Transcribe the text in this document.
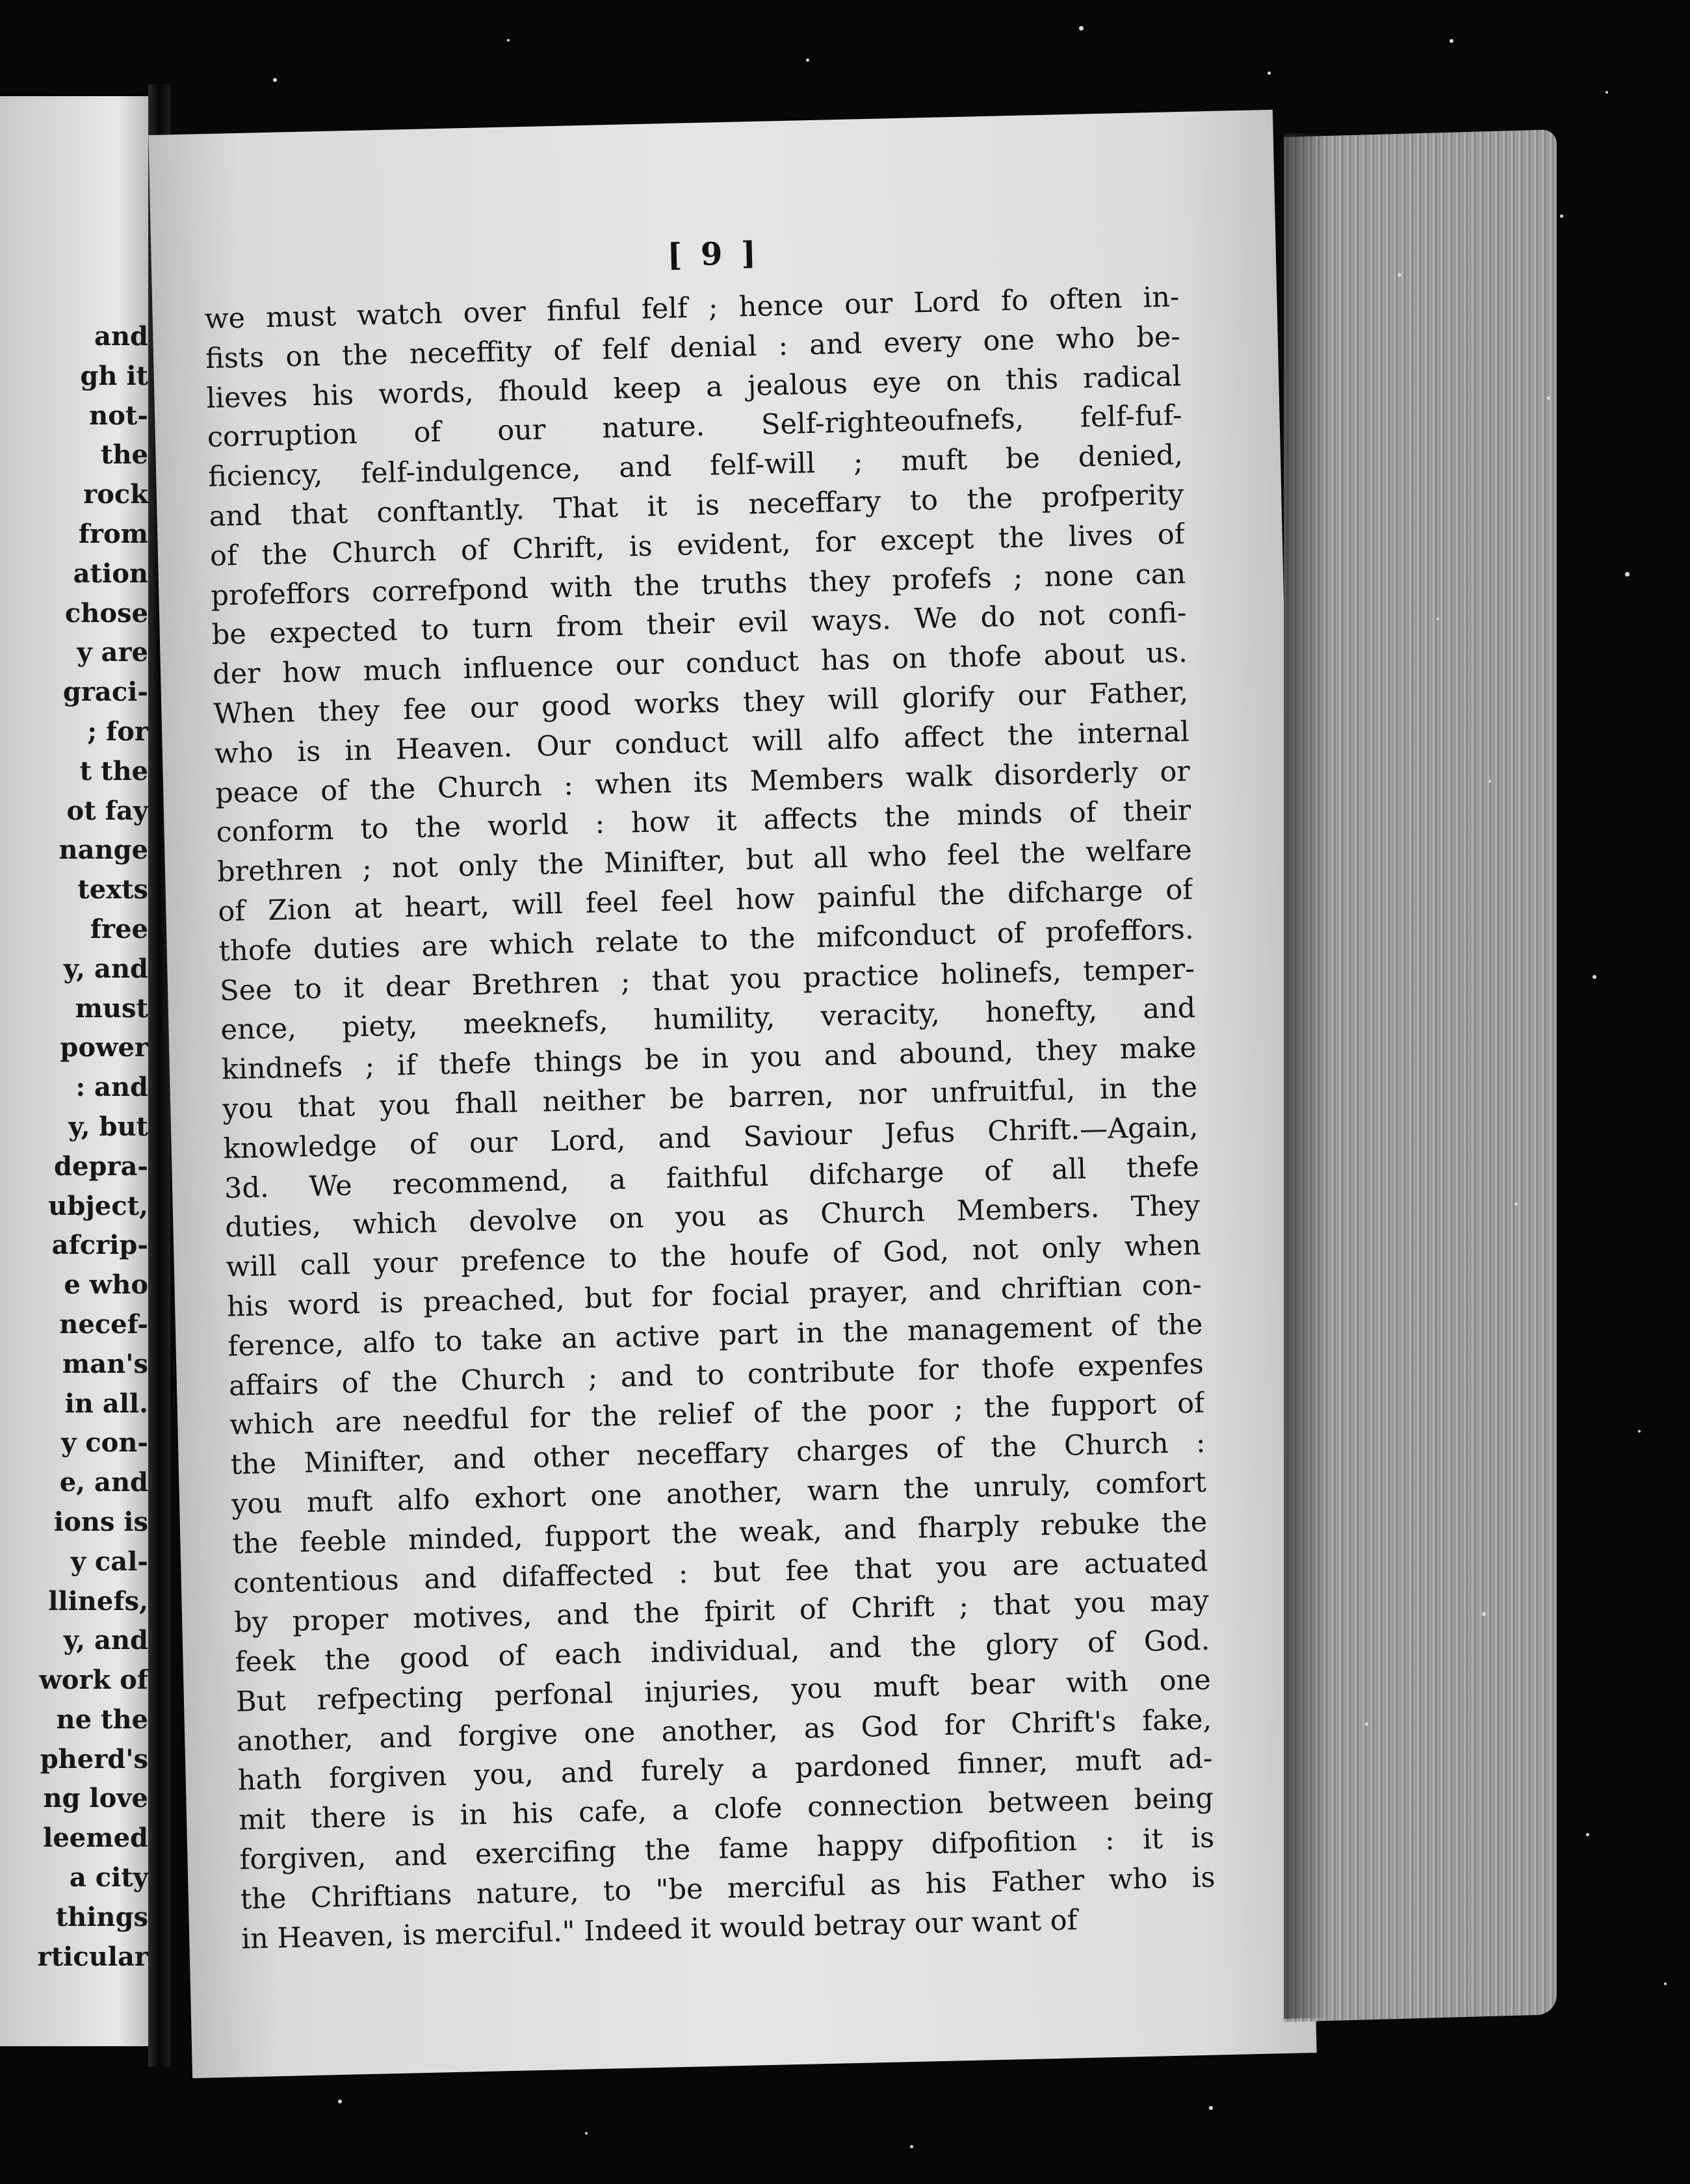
and
gh it
not-
the
rock
from
ation
chose
y are
graci-
; for
t the
ot fay
nange
texts
free
y, and
must
power
: and
y, but
depra-
ubject,
afcrip-
e who
necef-
man's
in all.
y con-
e, and
ions is
y cal-
llinefs,
y, and
work of
ne the
pherd's
ng love
leemed
a city
things
rticular
[ 9 ]
we must watch over finful felf ; hence our Lord fo often in-
fists on the neceffity of felf denial : and every one who be-
lieves his words, fhould keep a jealous eye on this radical
corruption of our nature. Self-righteoufnefs, felf-fuf-
ficiency, felf-indulgence, and felf-will ; muft be denied,
and that conftantly. That it is neceffary to the profperity
of the Church of Chrift, is evident, for except the lives of
profeffors correfpond with the truths they profefs ; none can
be expected to turn from their evil ways. We do not confi-
der how much influence our conduct has on thofe about us.
When they fee our good works they will glorify our Father,
who is in Heaven. Our conduct will alfo affect the internal
peace of the Church : when its Members walk disorderly or
conform to the world : how it affects the minds of their
brethren ; not only the Minifter, but all who feel the welfare
of Zion at heart, will feel feel how painful the difcharge of
thofe duties are which relate to the mifconduct of profeffors.
See to it dear Brethren ; that you practice holinefs, temper-
ence, piety, meeknefs, humility, veracity, honefty, and
kindnefs ; if thefe things be in you and abound, they make
you that you fhall neither be barren, nor unfruitful, in the
knowledge of our Lord, and Saviour Jefus Chrift.—Again,
3d. We recommend, a faithful difcharge of all thefe
duties, which devolve on you as Church Members. They
will call your prefence to the houfe of God, not only when
his word is preached, but for focial prayer, and chriftian con-
ference, alfo to take an active part in the management of the
affairs of the Church ; and to contribute for thofe expenfes
which are needful for the relief of the poor ; the fupport of
the Minifter, and other neceffary charges of the Church :
you muft alfo exhort one another, warn the unruly, comfort
the feeble minded, fupport the weak, and fharply rebuke the
contentious and difaffected : but fee that you are actuated
by proper motives, and the fpirit of Chrift ; that you may
feek the good of each individual, and the glory of God.
But refpecting perfonal injuries, you muft bear with one
another, and forgive one another, as God for Chrift's fake,
hath forgiven you, and furely a pardoned finner, muft ad-
mit there is in his cafe, a clofe connection between being
forgiven, and exercifing the fame happy difpofition : it is
the Chriftians nature, to "be merciful as his Father who is
in Heaven, is merciful." Indeed it would betray our want of
